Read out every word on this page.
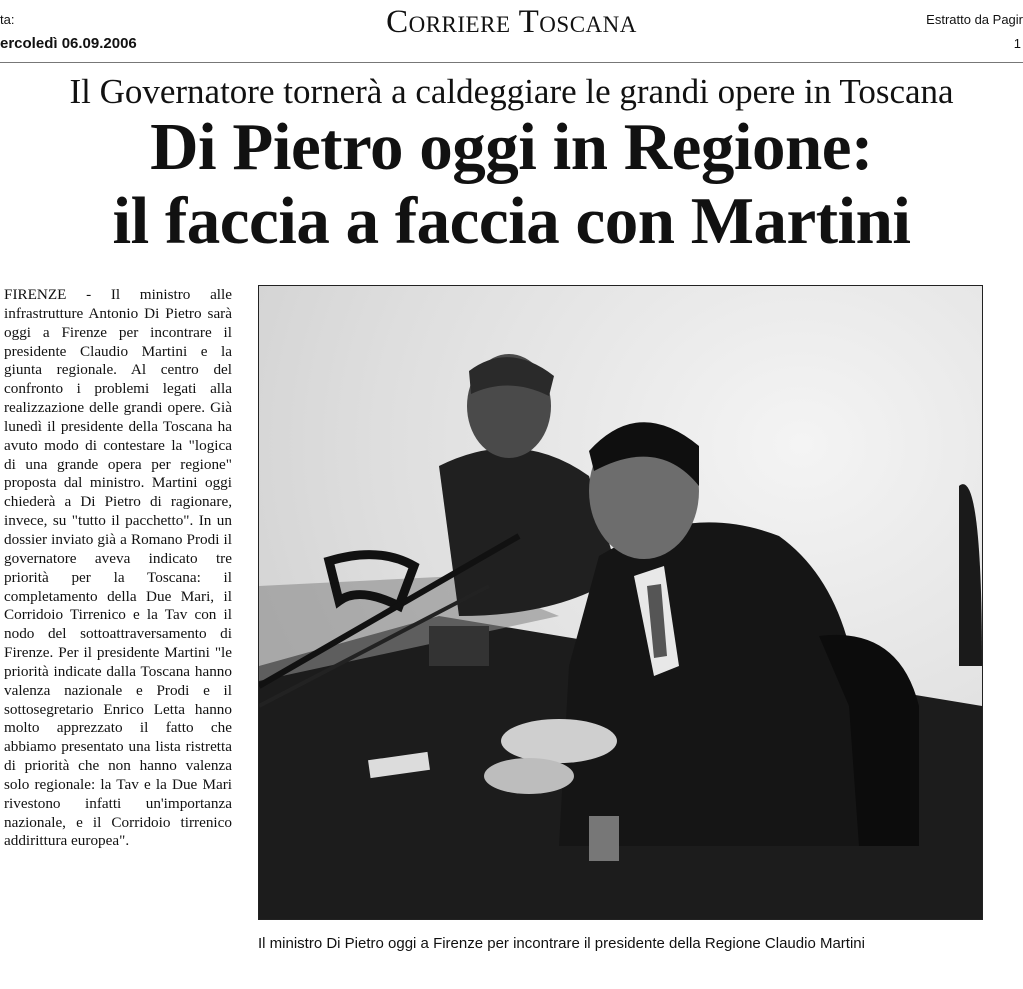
ta:
ercoledì 06.09.2006
Corriere Toscana	Estratto da Pagir
1
Il Governatore tornerà a caldeggiare le grandi opere in Toscana
Di Pietro oggi in Regione:
il faccia a faccia con Martini
FIRENZE - Il ministro alle infrastrutture Antonio Di Pietro sarà oggi a Firenze per incontrare il presidente Claudio Martini e la giunta regionale. Al centro del confronto i problemi legati alla realizzazione delle grandi opere. Già lunedì il presidente della Toscana ha avuto modo di contestare la "logica di una grande opera per regione" proposta dal ministro. Martini oggi chiederà a Di Pietro di ragionare, invece, su "tutto il pacchetto". In un dossier inviato già a Romano Prodi il governatore aveva indicato tre priorità per la Toscana: il completamento della Due Mari, il Corridoio Tirrenico e la Tav con il nodo del sottoattraversamento di Firenze. Per il presidente Martini "le priorità indicate dalla Toscana hanno valenza nazionale e Prodi e il sottosegretario Enrico Letta hanno molto apprezzato il fatto che abbiamo presentato una lista ristretta di priorità che non hanno valenza solo regionale: la Tav e la Due Mari rivestono infatti un'importanza nazionale, e il Corridoio tirrenico addirittura europea".
Il ministro Di Pietro oggi a Firenze per incontrare il presidente della Regione Claudio Martini
